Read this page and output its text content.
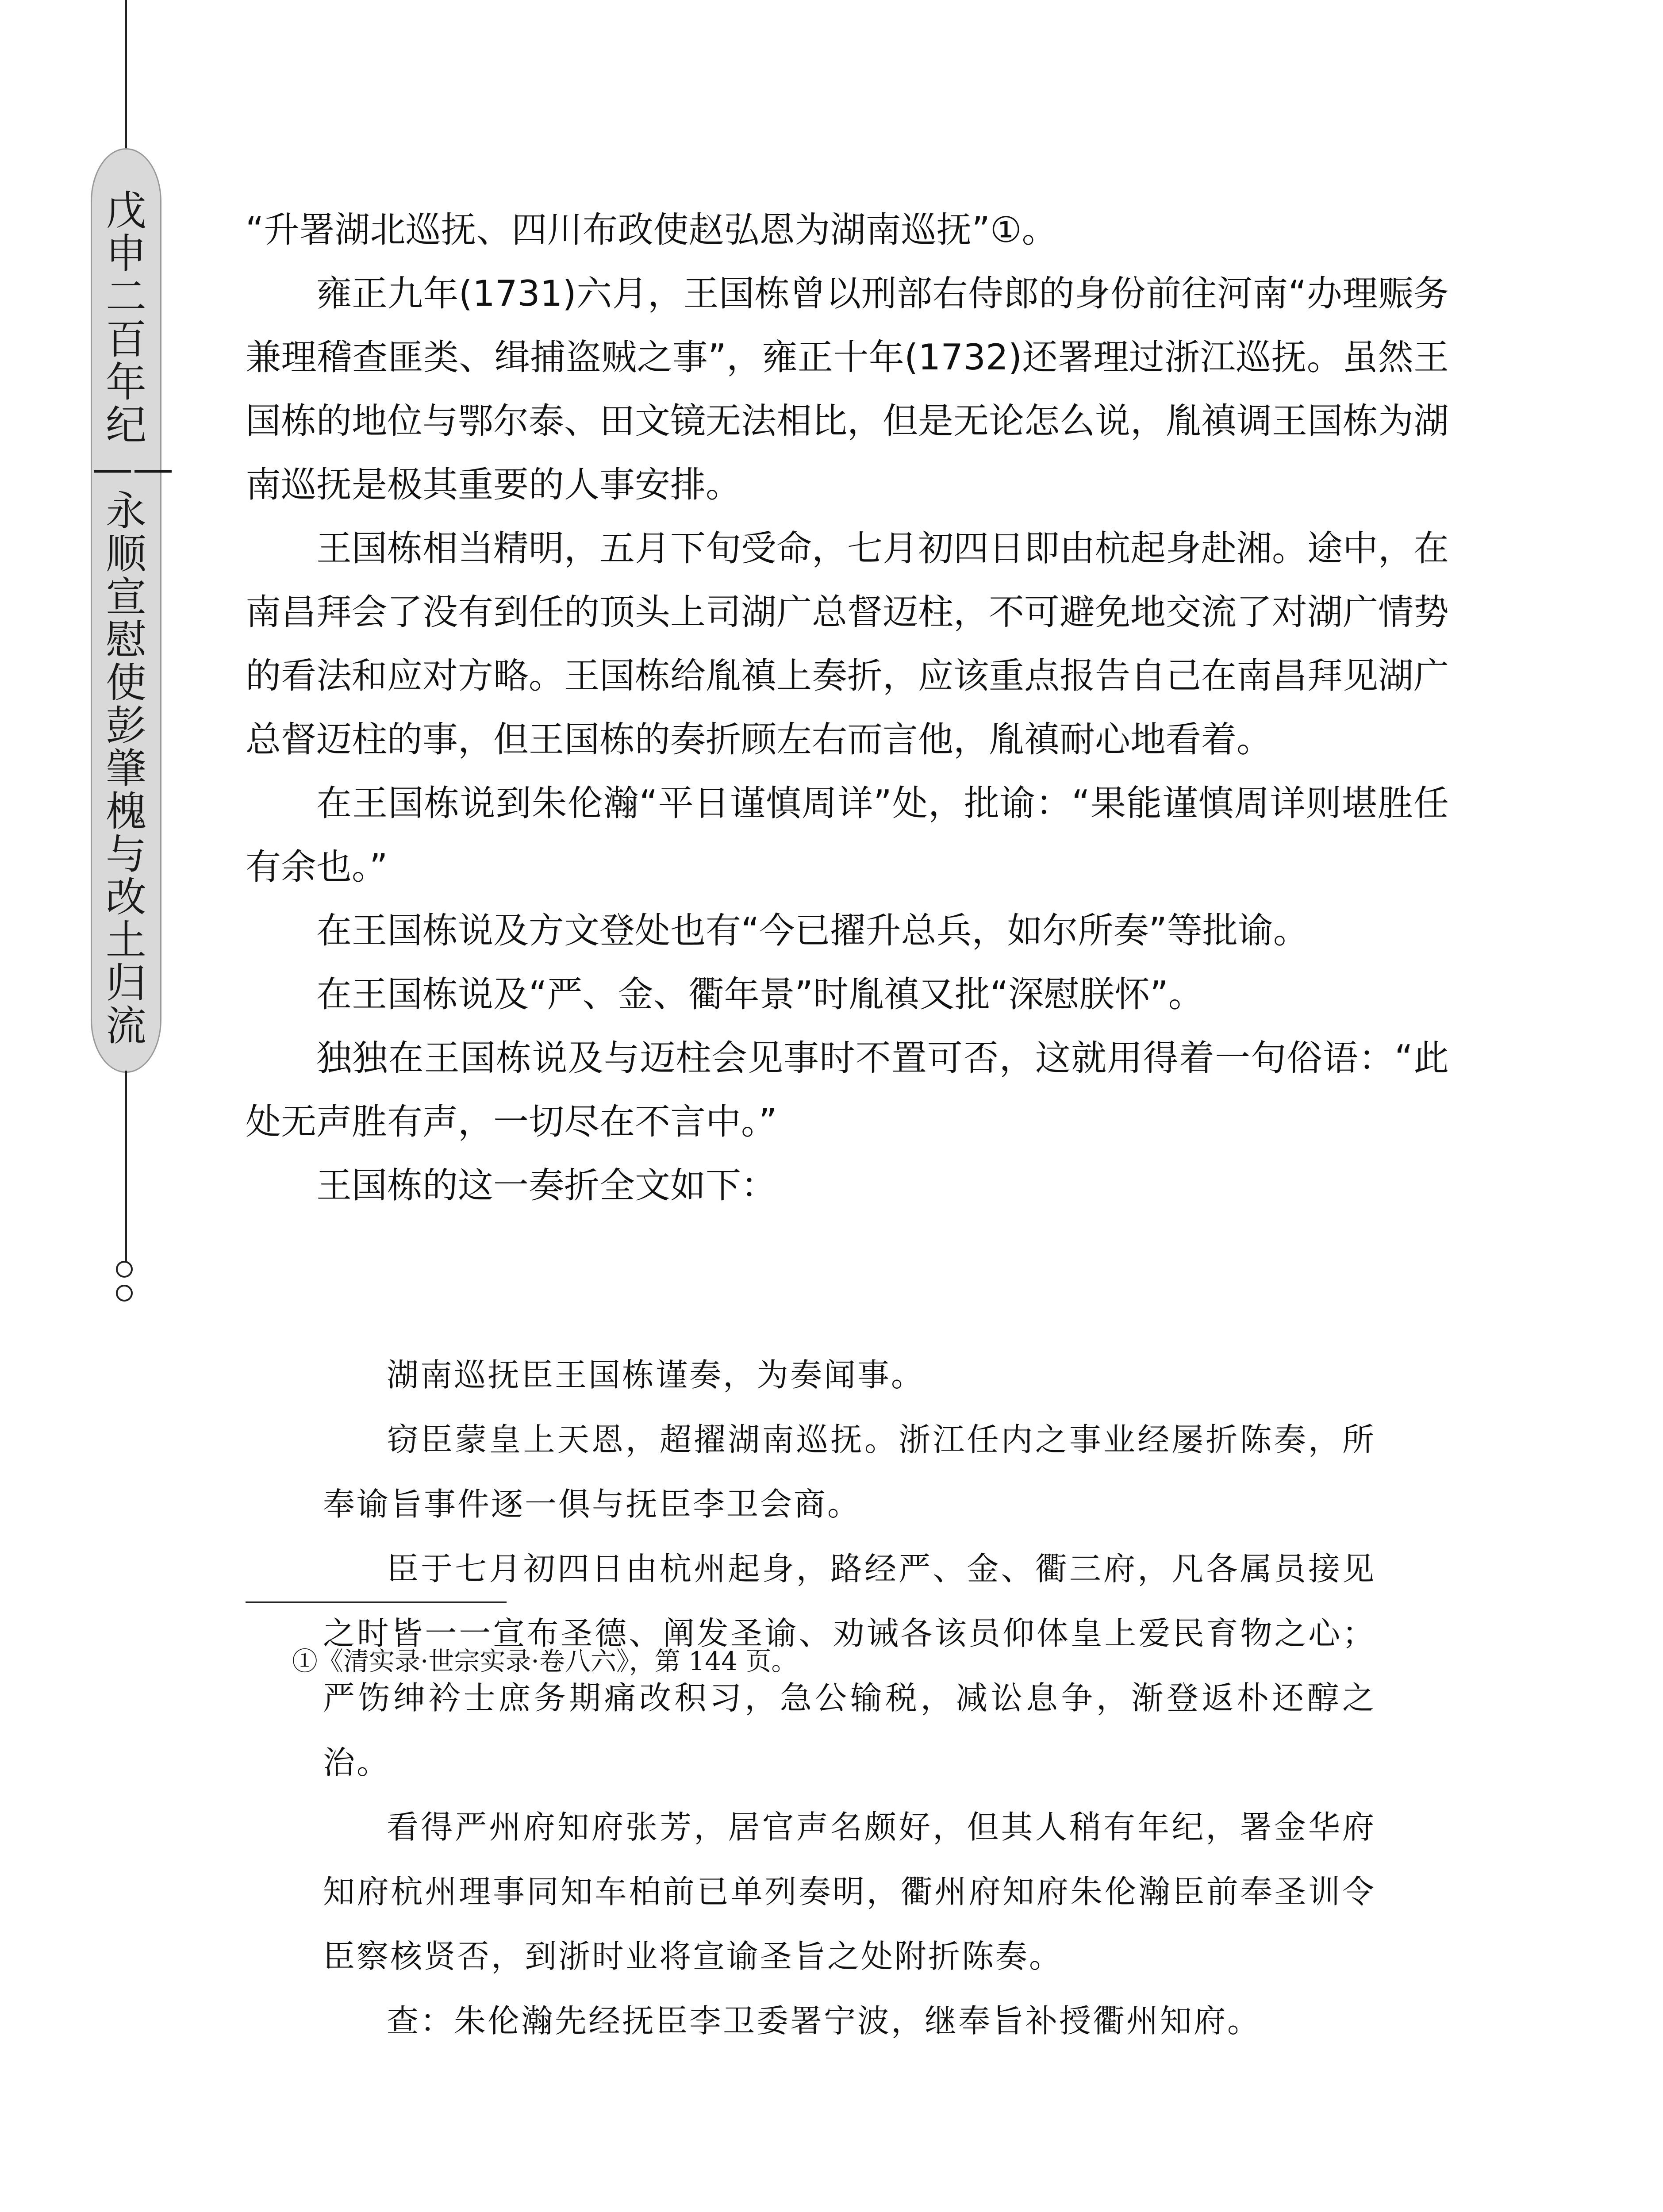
戊申二百年纪——永顺宣慰使彭肇槐与改土归流

“升署湖北巡抚、四川布政使赵弘恩为湖南巡抚”①。

雍正九年(1731)六月，王国栋曾以刑部右侍郎的身份前往河南“办理赈务兼理稽查匪类、缉捕盗贼之事”，雍正十年(1732)还署理过浙江巡抚。虽然王国栋的地位与鄂尔泰、田文镜无法相比，但是无论怎么说，胤禛调王国栋为湖南巡抚是极其重要的人事安排。

王国栋相当精明，五月下旬受命，七月初四日即由杭起身赴湘。途中，在南昌拜会了没有到任的顶头上司湖广总督迈柱，不可避免地交流了对湖广情势的看法和应对方略。王国栋给胤禛上奏折，应该重点报告自己在南昌拜见湖广总督迈柱的事，但王国栋的奏折顾左右而言他，胤禛耐心地看着。

在王国栋说到朱伦瀚“平日谨慎周详”处，批谕：“果能谨慎周详则堪胜任有余也。”

在王国栋说及方文登处也有“今已擢升总兵，如尔所奏”等批谕。

在王国栋说及“严、金、衢年景”时胤禛又批“深慰朕怀”。

独独在王国栋说及与迈柱会见事时不置可否，这就用得着一句俗语：“此处无声胜有声，一切尽在不言中。”

王国栋的这一奏折全文如下：

湖南巡抚臣王国栋谨奏，为奏闻事。

窃臣蒙皇上天恩，超擢湖南巡抚。浙江任内之事业经屡折陈奏，所奉谕旨事件逐一俱与抚臣李卫会商。

臣于七月初四日由杭州起身，路经严、金、衢三府，凡各属员接见之时皆一一宣布圣德、阐发圣谕、劝诫各该员仰体皇上爱民育物之心；严饬绅衿士庶务期痛改积习，急公输税，减讼息争，渐登返朴还醇之治。

看得严州府知府张芳，居官声名颇好，但其人稍有年纪，署金华府知府杭州理事同知车柏前已单列奏明，衢州府知府朱伦瀚臣前奉圣训令臣察核贤否，到浙时业将宣谕圣旨之处附折陈奏。

查：朱伦瀚先经抚臣李卫委署宁波，继奉旨补授衢州知府。

①《清实录·世宗实录·卷八六》，第 144 页。
